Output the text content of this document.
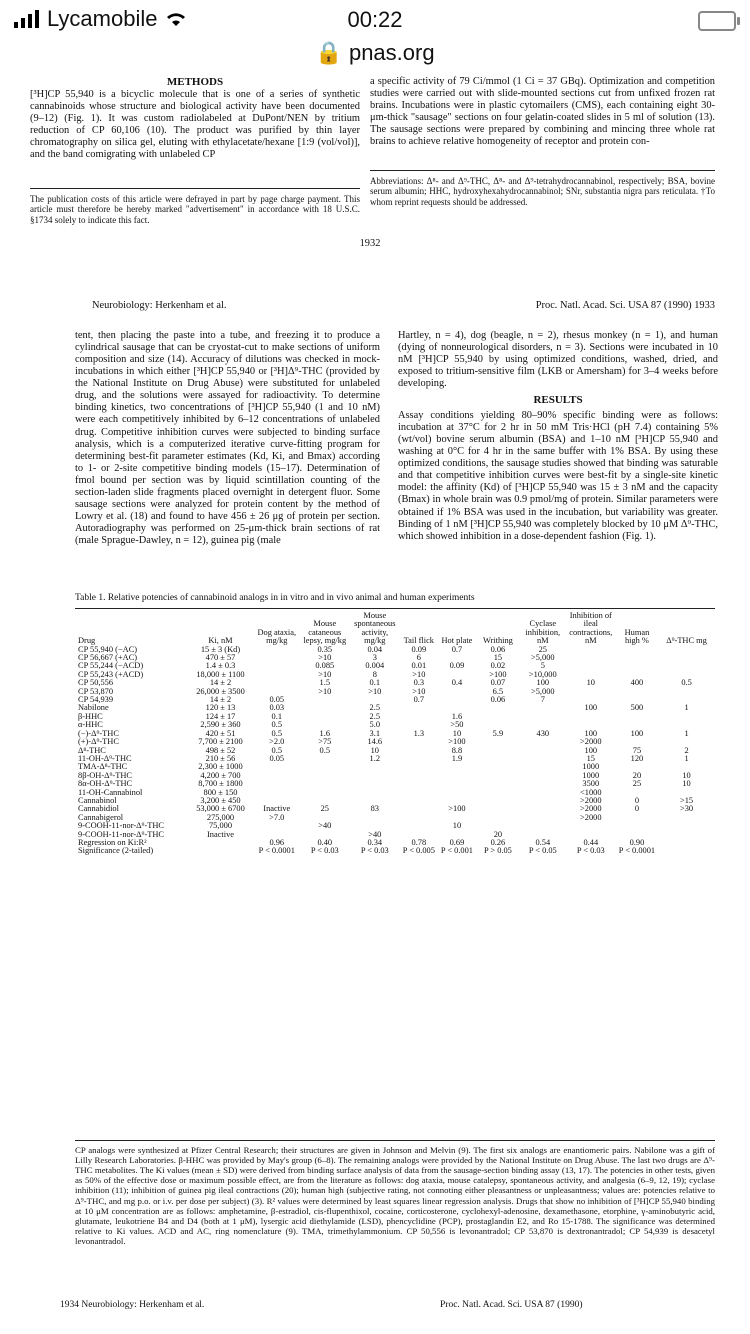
Lycamobile	00:22
🔒 pnas.org
METHODS
[³H]CP 55,940 is a bicyclic molecule that is one of a series of synthetic cannabinoids whose structure and biological activity have been documented (9–12) (Fig. 1). It was custom radiolabeled at DuPont/NEN by tritium reduction of CP 60,106 (10). The product was purified by thin layer chromatography on silica gel, eluting with ethylacetate/hexane [1:9 (vol/vol)], and the band comigrating with unlabeled CP
The publication costs of this article were defrayed in part by page charge payment. This article must therefore be hereby marked "advertisement" in accordance with 18 U.S.C. §1734 solely to indicate this fact.
a specific activity of 79 Ci/mmol (1 Ci = 37 GBq). Optimization and competition studies were carried out with slide-mounted sections cut from unfixed frozen rat brains. Incubations were in plastic cytomailers (CMS), each containing eight 30-μm-thick "sausage" sections on four gelatin-coated slides in 5 ml of solution (13). The sausage sections were prepared by combining and mincing three whole rat brains to achieve relative homogeneity of receptor and protein con-
Abbreviations: Δ⁸- and Δ⁹-THC, Δ⁸- and Δ⁹-tetrahydrocannabinol, respectively; BSA, bovine serum albumin; HHC, hydroxyhexahydrocannabinol; SNr, substantia nigra pars reticulata. †To whom reprint requests should be addressed.
1932
Neurobiology: Herkenham et al.	Proc. Natl. Acad. Sci. USA 87 (1990) 1933
tent, then placing the paste into a tube, and freezing it to produce a cylindrical sausage that can be cryostat-cut to make sections of uniform composition and size (14). Accuracy of dilutions was checked in mock-incubations in which either [³H]CP 55,940 or [³H]Δ⁹-THC (provided by the National Institute on Drug Abuse) were substituted for unlabeled drug, and the solutions were assayed for radioactivity. To determine binding kinetics, two concentrations of [³H]CP 55,940 (1 and 10 nM) were each competitively inhibited by 6–12 concentrations of unlabeled drug. Competitive inhibition curves were subjected to binding surface analysis, which is a computerized iterative curve-fitting program for determining best-fit parameter estimates (Kd, Ki, and Bmax) according to 1- or 2-site competitive binding models (15–17). Determination of fmol bound per section was by liquid scintillation counting of the section-laden slide fragments placed overnight in detergent fluor. Some sausage sections were analyzed for protein content by the method of Lowry et al. (18) and found to have 456 ± 26 μg of protein per section. Autoradiography was performed on 25-μm-thick brain sections of rat (male Sprague-Dawley, n = 12), guinea pig (male
Hartley, n = 4), dog (beagle, n = 2), rhesus monkey (n = 1), and human (dying of nonneurological disorders, n = 3). Sections were incubated in 10 nM [³H]CP 55,940 by using optimized conditions, washed, dried, and exposed to tritium-sensitive film (LKB or Amersham) for 3–4 weeks before developing.
RESULTS
Assay conditions yielding 80–90% specific binding were as follows: incubation at 37°C for 2 hr in 50 mM Tris·HCl (pH 7.4) containing 5% (wt/vol) bovine serum albumin (BSA) and 1–10 nM [³H]CP 55,940 and washing at 0°C for 4 hr in the same buffer with 1% BSA. By using these optimized conditions, the sausage studies showed that binding was saturable and that competitive inhibition curves were best-fit by a single-site kinetic model: the affinity (Kd) of [³H]CP 55,940 was 15 ± 3 nM and the capacity (Bmax) in whole brain was 0.9 pmol/mg of protein. Similar parameters were obtained if 1% BSA was used in the incubation, but variability was greater. Binding of 1 nM [³H]CP 55,940 was completely blocked by 10 μM Δ⁹-THC, which showed inhibition in a dose-dependent fashion (Fig. 1).
Table 1. Relative potencies of cannabinoid analogs in in vitro and in vivo animal and human experiments
Drug	Ki, nM	Dog ataxia, mg/kg	Mouse cataneous lepsy, mg/kg	Mouse spontaneous activity, mg/kg	Tail flick	Hot plate	Writhing	Cyclase inhibition, nM	Inhibition of ileal contractions, nM	Human high %	Δ⁹-THC mg
CP 55,940 (−AC)	15 ± 3 (Kd)		0.35	0.04	0.09	0.7	0.06	25			
CP 56,667 (+AC)	470 ± 57		>10	3	6		15	>5,000			
CP 55,244 (−ACD)	1.4 ± 0.3		0.085	0.004	0.01	0.09	0.02	5			
CP 55,243 (+ACD)	18,000 ± 1100		>10	8	>10		>100	>10,000			
CP 50,556	14 ± 2		1.5	0.1	0.3	0.4	0.07	100	10	400	0.5
CP 53,870	26,000 ± 3500		>10	>10	>10		6.5	>5,000			
CP 54,939	14 ± 2	0.05			0.7		0.06	7			
Nabilone	120 ± 13	0.03		2.5					100	500	1
β-HHC	124 ± 17	0.1		2.5		1.6					
α-HHC	2,590 ± 360	0.5		5.0		>50					
(−)-Δ⁹-THC	420 ± 51	0.5	1.6	3.1	1.3	10	5.9	430	100	100	1
(+)-Δ⁹-THC	7,700 ± 2100	>2.0	>75	14.6		>100			>2000		
Δ⁸-THC	498 ± 52	0.5	0.5	10		8.8			100	75	2
11-OH-Δ⁹-THC	210 ± 56	0.05		1.2		1.9			15	120	1
TMA-Δ⁸-THC	2,300 ± 1000								1000		
8β-OH-Δ⁹-THC	4,200 ± 700								1000	20	10
8α-OH-Δ⁹-THC	8,700 ± 1800								3500	25	10
11-OH-Cannabinol	800 ± 150								<1000		
Cannabinol	3,200 ± 450								>2000	0	>15
Cannabidiol	53,000 ± 6700	Inactive	25	83		>100			>2000	0	>30
Cannabigerol	275,000	>7.0							>2000		
9-COOH-11-nor-Δ⁹-THC	75,000		>40			10					
9-COOH-11-nor-Δ⁹-THC	Inactive			>40			20				
Regression on Ki:R²		0.96	0.40	0.34	0.78	0.69	0.26	0.54	0.44	0.90	
Significance (2-tailed)		P < 0.0001	P < 0.03	P < 0.03	P < 0.005	P < 0.001	P > 0.05	P < 0.05	P < 0.03	P < 0.0001	
CP analogs were synthesized at Pfizer Central Research; their structures are given in Johnson and Melvin (9). The first six analogs are enantiomeric pairs. Nabilone was a gift of Lilly Research Laboratories. β-HHC was provided by May's group (6–8). The remaining analogs were provided by the National Institute on Drug Abuse. The last two drugs are Δ⁹-THC metabolites. The Ki values (mean ± SD) were derived from binding surface analysis of data from the sausage-section binding assay (13, 17). The potencies in other tests, given as 50% of the effective dose or maximum possible effect, are from the literature as follows: dog ataxia, mouse catalepsy, spontaneous activity, and analgesia (6–9, 12, 19); cyclase inhibition (11); inhibition of guinea pig ileal contractions (20); human high (subjective rating, not connoting either pleasantness or unpleasantness; values are: potencies relative to Δ⁹-THC, and mg p.o. or i.v. per dose per subject) (3). R² values were determined by least squares linear regression analysis. Drugs that show no inhibition of [³H]CP 55,940 binding at 10 μM concentration are as follows: amphetamine, β-estradiol, cis-flupenthixol, cocaine, corticosterone, cyclohexyl-adenosine, dexamethasone, etorphine, γ-aminobutyric acid, glutamate, leukotriene B4 and D4 (both at 1 μM), lysergic acid diethylamide (LSD), phencyclidine (PCP), prostaglandin E2, and Ro 15-1788. The significance was determined relative to Ki values. ACD and AC, ring nomenclature (9). TMA, trimethylammonium. CP 50,556 is levonantradol; CP 53,870 is dextronantradol; CP 54,939 is desacetyl levonantradol.
1934 Neurobiology: Herkenham et al.	Proc. Natl. Acad. Sci. USA 87 (1990)
